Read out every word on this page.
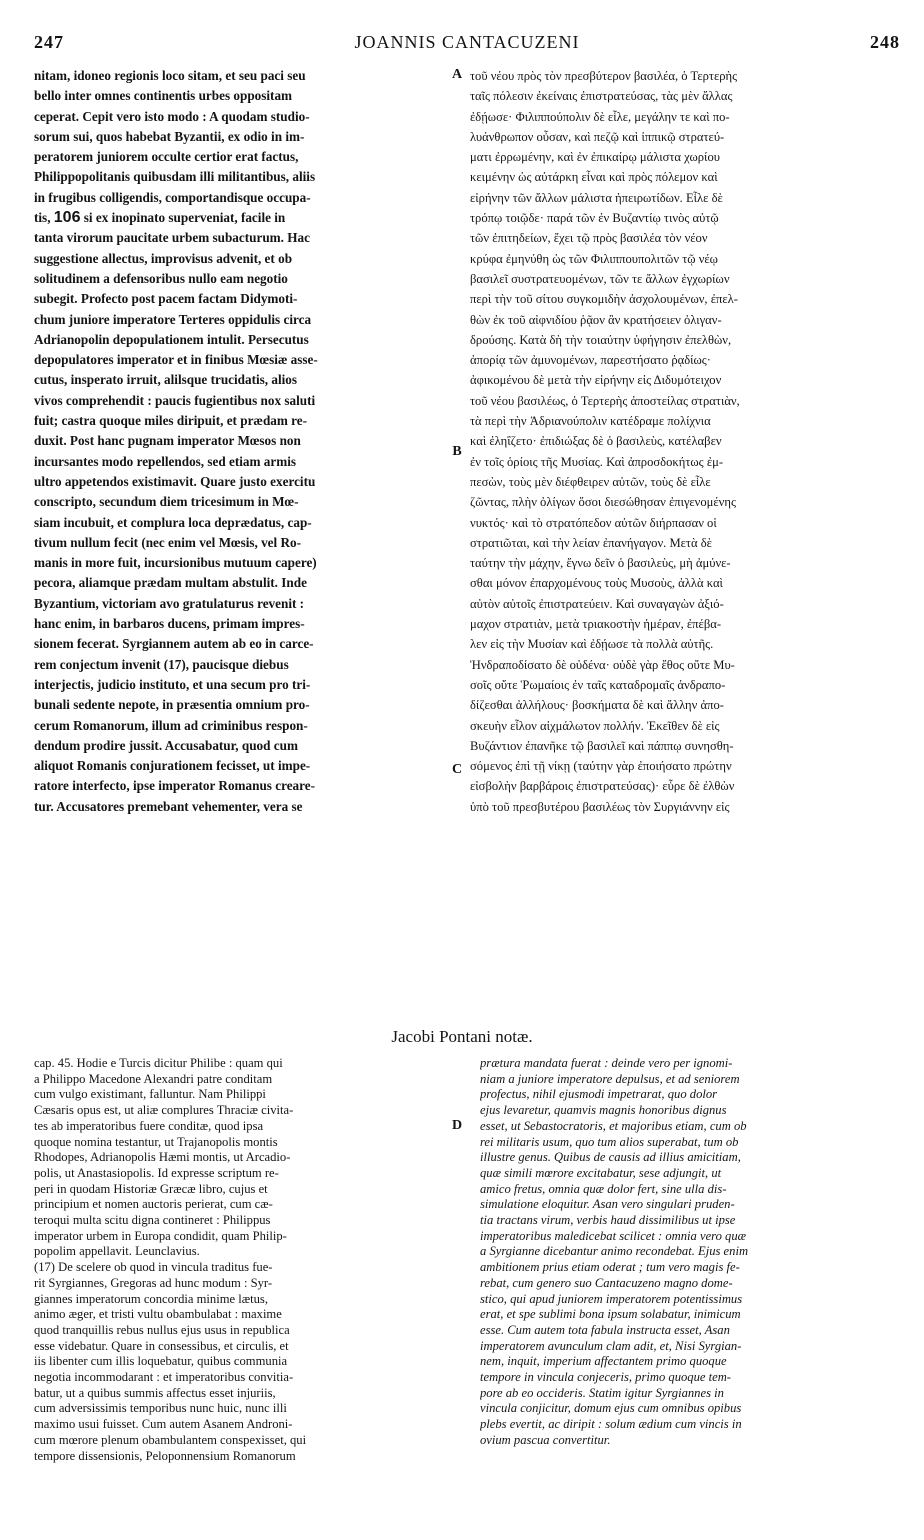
247	JOANNIS CANTACUZENI	248
nitam, idoneo regionis loco sitam, et seu paci seu
bello inter omnes continentis urbes oppositam
ceperat. Cepit vero isto modo : A quodam studio-
sorum sui, quos habebat Byzantii, ex odio in im-
peratorem juniorem occulte certior erat factus,
Philippopolitanis quibusdam illi militantibus, aliis
in frugibus colligendis, comportandisque occupa-
tis, 106 si ex inopinato superveniat, facile in
tanta virorum paucitate urbem subacturum. Hac
suggestione allectus, improvisus advenit, et ob
solitudinem a defensoribus nullo eam negotio
subegit. Profecto post pacem factam Didymoti-
chum juniore imperatore Terteres oppidulis circa
Adrianopolin depopulationem intulit. Persecutus
depopulatores imperator et in finibus Mœsiæ asse-
cutus, insperato irruit, alilsque trucidatis, alios
vivos comprehendit : paucis fugientibus nox saluti
fuit; castra quoque miles diripuit, et prædam re-
duxit. Post hanc pugnam imperator Mœsos non
incursantes modo repellendos, sed etiam armis
ultro appetendos existimavit. Quare justo exercitu
conscripto, secundum diem tricesimum in Mœ-
siam incubuit, et complura loca deprædatus, cap-
tivum nullum fecit (nec enim vel Mœsis, vel Ro-
manis in more fuit, incursionibus mutuum capere)
pecora, aliamque prædam multam abstulit. Inde
Byzantium, victoriam avo gratulaturus revenit :
hanc enim, in barbaros ducens, primam impres-
sionem fecerat. Syrgiannem autem ab eo in carce-
rem conjectum invenit (17), paucisque diebus
interjectis, judicio instituto, et una secum pro tri-
bunali sedente nepote, in præsentia omnium pro-
cerum Romanorum, illum ad criminibus respon-
dendum prodire jussit. Accusabatur, quod cum
aliquot Romanis conjurationem fecisset, ut impe-
ratore interfecto, ipse imperator Romanus creare-
tur. Accusatores premebant vehementer, vera se
A
B
C
τοῦ νέου πρὸς τὸν πρεσβύτερον βασιλέα, ὁ Τερτερὴς
ταῖς πόλεσιν ἐκείναις ἐπιστρατεύσας, τὰς μὲν ἄλλας
ἐδῄωσε· Φιλιππούπολιν δὲ εἷλε, μεγάλην τε καὶ πο-
λυάνθρωπον οὖσαν, καὶ πεζῷ καὶ ἱππικῷ στρατεύ-
ματι ἐρρωμένην, καὶ ἐν ἐπικαίρῳ μάλιστα χωρίου
κειμένην ὡς αὐτάρκη εἶναι καὶ πρὸς πόλεμον καὶ
εἰρήνην τῶν ἄλλων μάλιστα ἠπειρωτίδων. Εἷλε δὲ
τρόπῳ τοιῷδε· παρά τῶν ἐν Βυζαντίῳ τινὸς αὐτῷ
τῶν ἐπιτηδείων, ἔχει τῷ πρὸς βασιλέα τὸν νέον
κρύφα ἐμηνύθη ὡς τῶν Φιλιππουπολιτῶν τῷ νέῳ
βασιλεῖ συστρατευομένων, τῶν τε ἄλλων ἐγχωρίων
περὶ τὴν τοῦ σίτου συγκομιδὴν ἀσχολουμένων, ἐπελ-
θὼν ἐκ τοῦ αἰφνιδίου ῥᾷον ἂν κρατήσειεν ὀλιγαν-
δρούσης. Κατὰ δὴ τὴν τοιαύτην ὑφήγησιν ἐπελθὼν,
ἀπορίᾳ τῶν ἀμυνομένων, παρεστήσατο ῥᾳδίως·
ἀφικομένου δὲ μετὰ τὴν εἰρήνην εἰς Διδυμότειχον
τοῦ νέου βασιλέως, ὁ Τερτερὴς ἀποστείλας στρατιὰν,
τὰ περὶ τὴν Ἀδριανούπολιν κατέδραμε πολίχνια
καὶ ἐληΐζετο· ἐπιδιώξας δὲ ὁ βασιλεὺς, κατέλαβεν
ἐν τοῖς ὁρίοις τῆς Μυσίας. Καὶ ἀπροσδοκήτως ἐμ-
πεσὼν, τοὺς μὲν διέφθειρεν αὐτῶν, τοὺς δὲ εἷλε
ζῶντας, πλὴν ὀλίγων ὅσοι διεσώθησαν ἐπιγενομένης
νυκτός· καὶ τὸ στρατόπεδον αὐτῶν διήρπασαν οἱ
στρατιῶται, καὶ τὴν λείαν ἐπανήγαγον. Μετὰ δὲ
ταύτην τὴν μάχην, ἔγνω δεῖν ὁ βασιλεὺς, μὴ ἀμύνε-
σθαι μόνον ἐπαρχομένους τοὺς Μυσοὺς, ἀλλὰ καὶ
αὐτὸν αὐτοῖς ἐπιστρατεύειν. Καὶ συναγαγὼν ἀξιό-
μαχον στρατιὰν, μετὰ τριακοστὴν ἡμέραν, ἐπέβα-
λεν εἰς τὴν Μυσίαν καὶ ἐδῄωσε τὰ πολλὰ αὐτῆς.
Ἠνδραποδίσατο δὲ οὐδένα· οὐδὲ γὰρ ἔθος οὔτε Μυ-
σοῖς οὔτε Ῥωμαίοις ἐν ταῖς καταδρομαῖς ἀνδραπο-
δίζεσθαι ἀλλήλους· βοσκήματα δὲ καὶ ἄλλην ἀπο-
σκευὴν εἷλον αἰχμάλωτον πολλήν. Ἐκεῖθεν δὲ εἰς
Βυζάντιον ἐπανῆκε τῷ βασιλεῖ καὶ πάππῳ συνησθη-
σόμενος ἐπὶ τῇ νίκῃ (ταύτην γὰρ ἐποιήσατο πρώτην
εἰσβολὴν βαρβάροις ἐπιστρατεύσας)· εὗρε δὲ ἐλθὼν
ὑπὸ τοῦ πρεσβυτέρου βασιλέως τὸν Συργιάννην εἰς
Jacobi Pontani notæ.
cap. 45. Hodie e Turcis dicitur Philibe : quam qui
a Philippo Macedone Alexandri patre conditam
cum vulgo existimant, falluntur. Nam Philippi
Cæsaris opus est, ut aliæ complures Thraciæ civita-
tes ab imperatoribus fuere conditæ, quod ipsa
quoque nomina testantur, ut Trajanopolis montis
Rhodopes, Adrianopolis Hæmi montis, ut Arcadio-
polis, ut Anastasiopolis. Id expresse scriptum re-
peri in quodam Historiæ Græcæ libro, cujus et
principium et nomen auctoris perierat, cum cæ-
teroqui multa scitu digna contineret : Philippus
imperator urbem in Europa condidit, quam Philip-
popolim appellavit. Leunclavius.
(17) De scelere ob quod in vincula traditus fue-
rit Syrgiannes, Gregoras ad hunc modum : Syr-
giannes imperatorum concordia minime lætus,
animo æger, et tristi vultu obambulabat : maxime
quod tranquillis rebus nullus ejus usus in republica
esse videbatur. Quare in consessibus, et circulis, et
iis libenter cum illis loquebatur, quibus communia
negotia incommodarant : et imperatoribus convitia-
batur, ut a quibus summis affectus esset injuriis,
cum adversissimis temporibus nunc huic, nunc illi
maximo usui fuisset. Cum autem Asanem Androni-
cum mœrore plenum obambulantem conspexisset, qui
tempore dissensionis, Peloponnensium Romanorum
D
prætura mandata fuerat : deinde vero per ignomi-
niam a juniore imperatore depulsus, et ad seniorem
profectus, nihil ejusmodi impetrarat, quo dolor
ejus levaretur, quamvis magnis honoribus dignus
esset, ut Sebastocratoris, et majoribus etiam, cum ob
rei militaris usum, quo tum alios superabat, tum ob
illustre genus. Quibus de causis ad illius amicitiam,
quæ simili mœrore excitabatur, sese adjungit, ut
amico fretus, omnia quæ dolor fert, sine ulla dis-
simulatione eloquitur. Asan vero singulari pruden-
tia tractans virum, verbis haud dissimilibus ut ipse
imperatoribus maledicebat scilicet : omnia vero quæ
a Syrgianne dicebantur animo recondebat. Ejus enim
ambitionem prius etiam oderat ; tum vero magis fe-
rebat, cum genero suo Cantacuzeno magno dome-
stico, qui apud juniorem imperatorem potentissimus
erat, et spe sublimi bona ipsum solabatur, inimicum
esse. Cum autem tota fabula instructa esset, Asan
imperatorem avunculum clam adit, et, Nisi Syrgian-
nem, inquit, imperium affectantem primo quoque
tempore in vincula conjeceris, primo quoque tem-
pore ab eo occideris. Statim igitur Syrgiannes in
vincula conjicitur, domum ejus cum omnibus opibus
plebs evertit, ac diripit : solum ædium cum vincis in
ovium pascua convertitur.
